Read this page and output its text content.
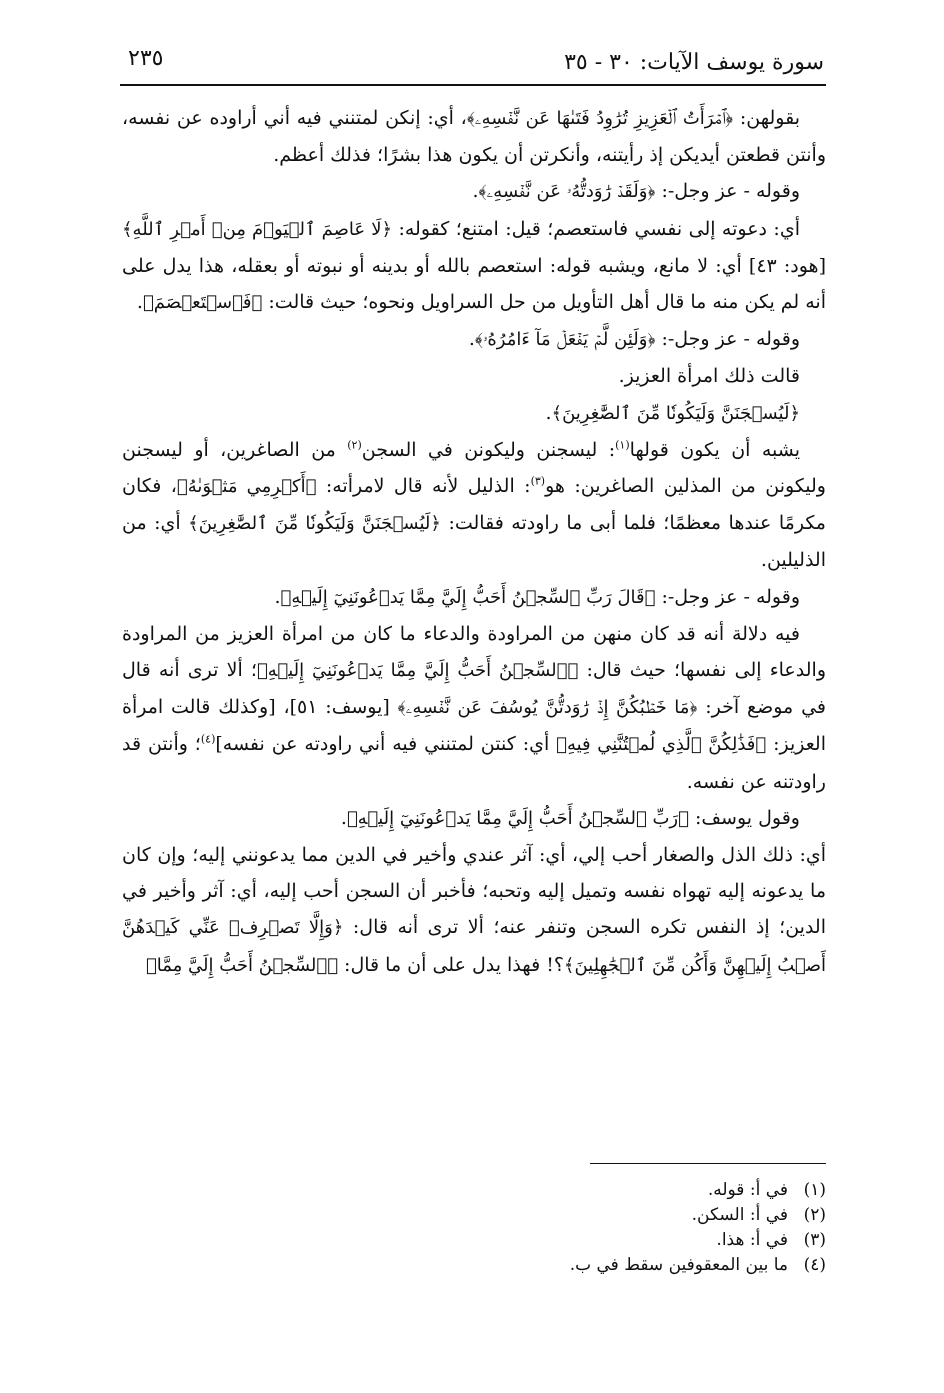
سورة يوسف الآيات: ٣٠ - ٣٥
٢٣٥

بقولهن: ﴿ٱمۡرَأَتُ ٱلۡعَزِيزِ تُرَٰوِدُ فَتَىٰهَا عَن نَّفۡسِهِۦ﴾، أي: إنكن لمتنني فيه أني أراوده عن نفسه، وأنتن قطعتن أيديكن إذ رأيتنه، وأنكرتن أن يكون هذا بشرًا؛ فذلك أعظم.

وقوله - عز وجل-: ﴿وَلَقَدۡ رَٰوَدتُّهُۥ عَن نَّفۡسِهِۦ﴾.

أي: دعوته إلى نفسي فاستعصم؛ قيل: امتنع؛ كقوله: ﴿لَا عَاصِمَ ٱلۡيَوۡمَ مِنۡ أَمۡرِ ٱللَّهِ﴾ [هود: ٤٣] أي: لا مانع، ويشبه قوله: استعصم بالله أو بدينه أو نبوته أو بعقله، هذا يدل على أنه لم يكن منه ما قال أهل التأويل من حل السراويل ونحوه؛ حيث قالت: ﴿فَٱسۡتَعۡصَمَ﴾.

وقوله - عز وجل-: ﴿وَلَئِن لَّمۡ يَفۡعَلۡ مَآ ءَامُرُهُۥ﴾.

قالت ذلك امرأة العزيز.

﴿لَيُسۡجَنَنَّ وَلَيَكُونٗا مِّنَ ٱلصَّٰغِرِينَ﴾.

يشبه أن يكون قولها$^{(١)}$: ليسجنن وليكونن في السجن$^{(٢)}$ من الصاغرين، أو ليسجنن وليكونن من المذلين الصاغرين: هو$^{(٣)}$: الذليل لأنه قال لامرأته: ﴿أَكۡرِمِي مَثۡوَىٰهُ﴾، فكان مكرمًا عندها معظمًا؛ فلما أبى ما راودته فقالت: ﴿لَيُسۡجَنَنَّ وَلَيَكُونٗا مِّنَ ٱلصَّٰغِرِينَ﴾ أي: من الذليلين.

وقوله - عز وجل-: ﴿قَالَ رَبِّ ٱلسِّجۡنُ أَحَبُّ إِلَيَّ مِمَّا يَدۡعُونَنِيٓ إِلَيۡهِ﴾.

فيه دلالة أنه قد كان منهن من المراودة والدعاء ما كان من امرأة العزيز من المراودة والدعاء إلى نفسها؛ حيث قال: ﴿ٱلسِّجۡنُ أَحَبُّ إِلَيَّ مِمَّا يَدۡعُونَنِيٓ إِلَيۡهِ﴾؛ ألا ترى أنه قال في موضع آخر: ﴿مَا خَطۡبُكُنَّ إِذۡ رَٰوَدتُّنَّ يُوسُفَ عَن نَّفۡسِهِۦ﴾ [يوسف: ٥١]، [وكذلك قالت امرأة العزيز: ﴿فَذَٰلِكُنَّ ٱلَّذِي لُمۡتُنَّنِي فِيهِ﴾ أي: كنتن لمتنني فيه أني راودته عن نفسه]$^{(٤)}$؛ وأنتن قد راودتنه عن نفسه.

وقول يوسف: ﴿رَبِّ ٱلسِّجۡنُ أَحَبُّ إِلَيَّ مِمَّا يَدۡعُونَنِيٓ إِلَيۡهِ﴾.

أي: ذلك الذل والصغار أحب إلي، أي: آثر عندي وأخير في الدين مما يدعونني إليه؛ وإن كان ما يدعونه إليه تهواه نفسه وتميل إليه وتحبه؛ فأخبر أن السجن أحب إليه، أي: آثر وأخير في الدين؛ إذ النفس تكره السجن وتنفر عنه؛ ألا ترى أنه قال: ﴿وَإِلَّا تَصۡرِفۡ عَنِّي كَيۡدَهُنَّ أَصۡبُ إِلَيۡهِنَّ وَأَكُن مِّنَ ٱلۡجَٰهِلِينَ﴾؟! فهذا يدل على أن ما قال: ﴿ٱلسِّجۡنُ أَحَبُّ إِلَيَّ مِمَّا﴾

(١)في أ: قوله.
(٢)في أ: السكن.
(٣)في أ: هذا.
(٤)ما بين المعقوفين سقط في ب.
